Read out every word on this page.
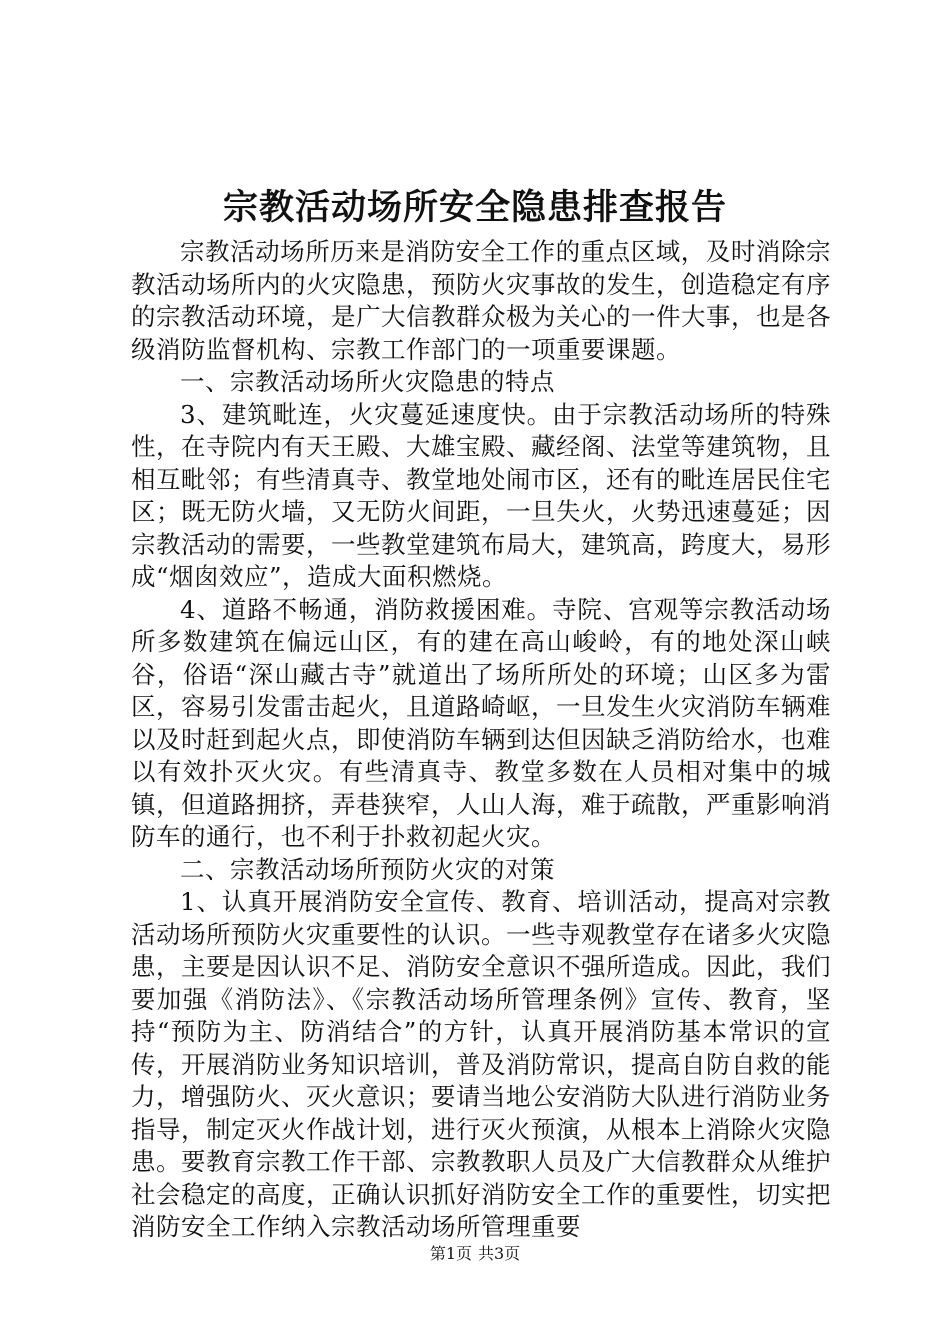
宗教活动场所安全隐患排查报告

宗教活动场所历来是消防安全工作的重点区域，及时消除宗教活动场所内的火灾隐患，预防火灾事故的发生，创造稳定有序的宗教活动环境，是广大信教群众极为关心的一件大事，也是各级消防监督机构、宗教工作部门的一项重要课题。

一、宗教活动场所火灾隐患的特点

3、建筑毗连，火灾蔓延速度快。由于宗教活动场所的特殊性，在寺院内有天王殿、大雄宝殿、藏经阁、法堂等建筑物，且相互毗邻；有些清真寺、教堂地处闹市区，还有的毗连居民住宅区；既无防火墙，又无防火间距，一旦失火，火势迅速蔓延；因宗教活动的需要，一些教堂建筑布局大，建筑高，跨度大，易形成“烟囱效应”，造成大面积燃烧。

4、道路不畅通，消防救援困难。寺院、宫观等宗教活动场所多数建筑在偏远山区，有的建在高山峻岭，有的地处深山峡谷，俗语“深山藏古寺”就道出了场所所处的环境；山区多为雷区，容易引发雷击起火，且道路崎岖，一旦发生火灾消防车辆难以及时赶到起火点，即使消防车辆到达但因缺乏消防给水，也难以有效扑灭火灾。有些清真寺、教堂多数在人员相对集中的城镇，但道路拥挤，弄巷狭窄，人山人海，难于疏散，严重影响消防车的通行，也不利于扑救初起火灾。

二、宗教活动场所预防火灾的对策

1、认真开展消防安全宣传、教育、培训活动，提高对宗教活动场所预防火灾重要性的认识。一些寺观教堂存在诸多火灾隐患，主要是因认识不足、消防安全意识不强所造成。因此，我们要加强《消防法》、《宗教活动场所管理条例》宣传、教育，坚持“预防为主、防消结合”的方针，认真开展消防基本常识的宣传，开展消防业务知识培训，普及消防常识，提高自防自救的能力，增强防火、灭火意识；要请当地公安消防大队进行消防业务指导，制定灭火作战计划，进行灭火预演，从根本上消除火灾隐患。要教育宗教工作干部、宗教教职人员及广大信教群众从维护社会稳定的高度，正确认识抓好消防安全工作的重要性，切实把消防安全工作纳入宗教活动场所管理重要

第1页 共3页
